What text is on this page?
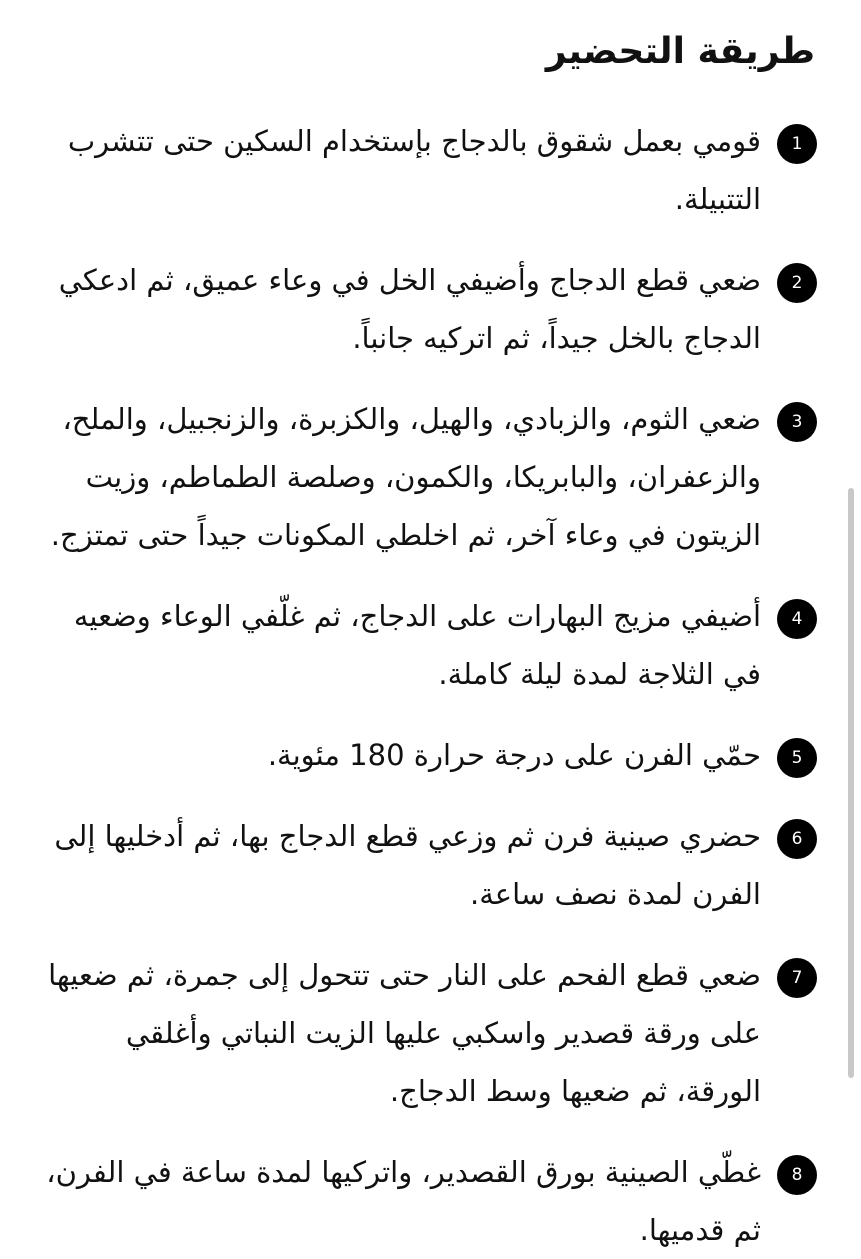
طريقة التحضير
1
قومي بعمل شقوق بالدجاج بإستخدام السكين حتى تتشرب التتبيلة.
2
ضعي قطع الدجاج وأضيفي الخل في وعاء عميق، ثم ادعكي الدجاج بالخل جيداً، ثم اتركيه جانباً.
3
ضعي الثوم، والزبادي، والهيل، والكزبرة، والزنجبيل، والملح، والزعفران، والبابريكا، والكمون، وصلصة الطماطم، وزيت الزيتون في وعاء آخر، ثم اخلطي المكونات جيداً حتى تمتزج.
4
أضيفي مزيج البهارات على الدجاج، ثم غلّفي الوعاء وضعيه في الثلاجة لمدة ليلة كاملة.
5
حمّي الفرن على درجة حرارة 180 مئوية.
6
حضري صينية فرن ثم وزعي قطع الدجاج بها، ثم أدخليها إلى الفرن لمدة نصف ساعة.
7
ضعي قطع الفحم على النار حتى تتحول إلى جمرة، ثم ضعيها على ورقة قصدير واسكبي عليها الزيت النباتي وأغلقي الورقة، ثم ضعيها وسط الدجاج.
8
غطّي الصينية بورق القصدير، واتركيها لمدة ساعة في الفرن، ثم قدميها.
